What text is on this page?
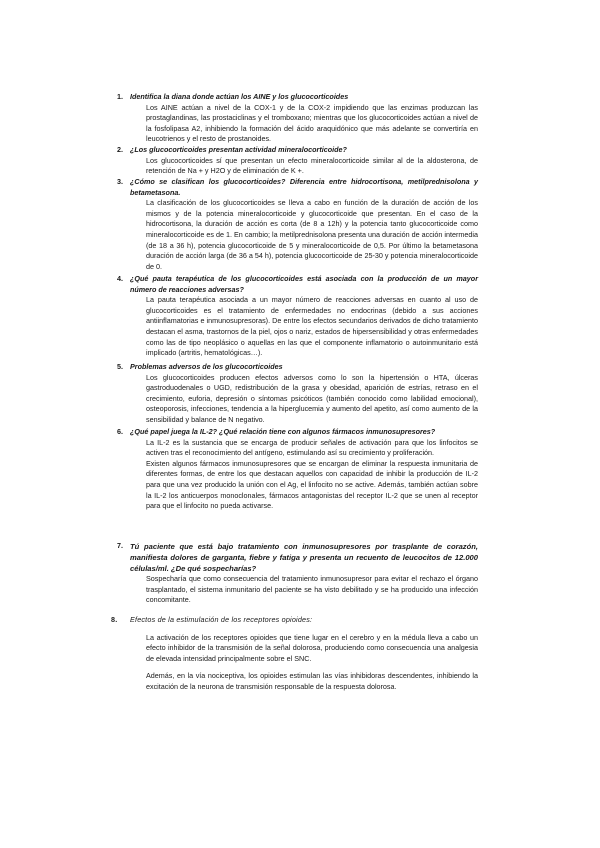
1. Identifica la diana donde actúan los AINE y los glucocorticoides
Los AINE actúan a nivel de la COX-1 y de la COX-2 impidiendo que las enzimas produzcan las prostaglandinas, las prostaciclinas y el tromboxano; mientras que los glucocorticoides actúan a nivel de la fosfolipasa A2, inhibiendo la formación del ácido araquidónico que más adelante se convertiría en leucotrienos y el resto de prostanoides.
2. ¿Los glucocorticoides presentan actividad mineralocorticoide?
Los glucocorticoides sí que presentan un efecto mineralocorticoide similar al de la aldosterona, de retención de Na + y H2O y de eliminación de K +.
3. ¿Cómo se clasifican los glucocorticoides? Diferencia entre hidrocortisona, metilprednisolona y betametasona.
La clasificación de los glucocorticoides se lleva a cabo en función de la duración de acción de los mismos y de la potencia mineralocorticoide y glucocorticoide que presentan. En el caso de la hidrocortisona, la duración de acción es corta (de 8 a 12h) y la potencia tanto glucocorticoide como mineralocorticoide es de 1. En cambio; la metilprednisolona presenta una duración de acción intermedia (de 18 a 36 h), potencia glucocorticoide de 5 y mineralocorticoide de 0,5. Por último la betametasona duración de acción larga (de 36 a 54 h), potencia glucocorticoide de 25-30 y potencia mineralocorticoide de 0.
4. ¿Qué pauta terapéutica de los glucocorticoides está asociada con la producción de un mayor número de reacciones adversas?
La pauta terapéutica asociada a un mayor número de reacciones adversas en cuanto al uso de glucocorticoides es el tratamiento de enfermedades no endocrinas (debido a sus acciones antiinflamatorias e inmunosupresoras). De entre los efectos secundarios derivados de dicho tratamiento destacan el asma, trastornos de la piel, ojos o nariz, estados de hipersensibilidad y otras enfermedades como las de tipo neoplásico o aquellas en las que el componente inflamatorio o autoinmunitario está implicado (artritis, hematológicas…).
5. Problemas adversos de los glucocorticoides
Los glucocorticoides producen efectos adversos como lo son la hipertensión o HTA, úlceras gastroduodenales o UGD, redistribución de la grasa y obesidad, aparición de estrías, retraso en el crecimiento, euforia, depresión o síntomas psicóticos (también conocido como labilidad emocional), osteoporosis, infecciones, tendencia a la hiperglucemia y aumento del apetito, así como aumento de la sensibilidad y balance de N negativo.
6. ¿Qué papel juega la IL-2? ¿Qué relación tiene con algunos fármacos inmunosupresores?
La IL-2 es la sustancia que se encarga de producir señales de activación para que los linfocitos se activen tras el reconocimiento del antígeno, estimulando así su crecimiento y proliferación.
Existen algunos fármacos inmunosupresores que se encargan de eliminar la respuesta inmunitaria de diferentes formas, de entre los que destacan aquellos con capacidad de inhibir la producción de IL-2 para que una vez producido la unión con el Ag, el linfocito no se active. Además, también actúan sobre la IL-2 los anticuerpos monoclonales, fármacos antagonistas del receptor IL-2 que se unen al receptor para que el linfocito no pueda activarse.
7. Tú paciente que está bajo tratamiento con inmunosupresores por trasplante de corazón, manifiesta dolores de garganta, fiebre y fatiga y presenta un recuento de leucocitos de 12.000 células/ml. ¿De qué sospecharías?
Sospecharía que como consecuencia del tratamiento inmunosupresor para evitar el rechazo el órgano trasplantado, el sistema inmunitario del paciente se ha visto debilitado y se ha producido una infección concomitante.
8. Efectos de la estimulación de los receptores opioides:
La activación de los receptores opioides que tiene lugar en el cerebro y en la médula lleva a cabo un efecto inhibidor de la transmisión de la señal dolorosa, produciendo como consecuencia una analgesia de elevada intensidad principalmente sobre el SNC.
Además, en la vía nociceptiva, los opioides estimulan las vías inhibidoras descendentes, inhibiendo la excitación de la neurona de transmisión responsable de la respuesta dolorosa.
